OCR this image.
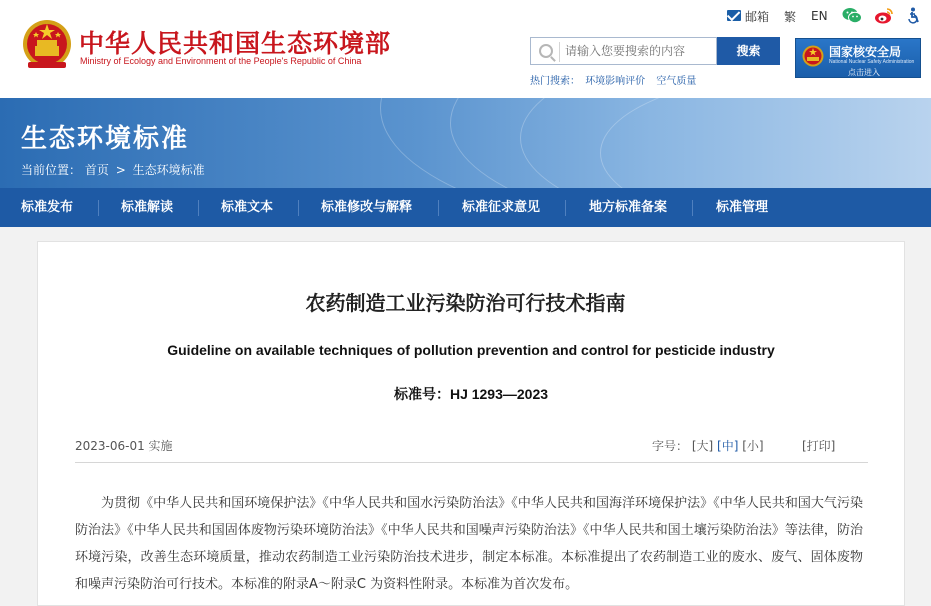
中华人民共和国生态环境部
Ministry of Ecology and Environment of the People's Republic of China
邮箱 繁 EN
请输入您要搜索的内容
搜索
热门搜索： 环境影响评价 空气质量
国家核安全局
National Nuclear Safety Administration
点击进入
生态环境标准
当前位置： 首页 > 生态环境标准
标准发布	标准解读	标准文本	标准修改与解释	标准征求意见	地方标准备案	标准管理
农药制造工业污染防治可行技术指南
Guideline on available techniques of pollution prevention and control for pesticide industry
标准号：HJ 1293—2023
2023-06-01 实施	字号： [大] [中] [小]	[打印]
为贯彻《中华人民共和国环境保护法》《中华人民共和国水污染防治法》《中华人民共和国海洋环境保护法》《中华人民共和国大气污染防治法》《中华人民共和国固体废物污染环境防治法》《中华人民共和国噪声污染防治法》《中华人民共和国土壤污染防治法》等法律，防治环境污染，改善生态环境质量，推动农药制造工业污染防治技术进步，制定本标准。本标准提出了农药制造工业的废水、废气、固体废物和噪声污染防治可行技术。本标准的附录A～附录C 为资料性附录。本标准为首次发布。
